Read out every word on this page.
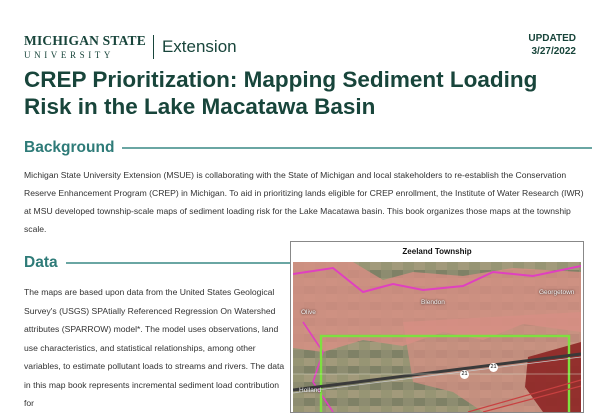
MICHIGAN STATE
UNIVERSITY	Extension	UPDATED
3/27/2022
CREP Prioritization: Mapping Sediment Loading Risk in the Lake Macatawa Basin
Background

Michigan State University Extension (MSUE) is collaborating with the State of Michigan and local stakeholders to re-establish the Conservation Reserve Enhancement Program (CREP) in Michigan. To aid in prioritizing lands eligible for CREP enrollment, the Institute of Water Research (IWR) at MSU developed township-scale maps of sediment loading risk for the Lake Macatawa basin. This book organizes those maps at the township scale.

Data

The maps are based upon data from the United States Geological Survey's (USGS) SPAtially Referenced Regression On Watershed attributes (SPARROW) model*. The model uses observations, land use characteristics, and statistical relationships, among other variables, to estimate pollutant loads to streams and rivers. The data in this map book represents incremental sediment load contribution for

Zeeland Township
Blendon
Georgetown
Olive
Holland
21
21
